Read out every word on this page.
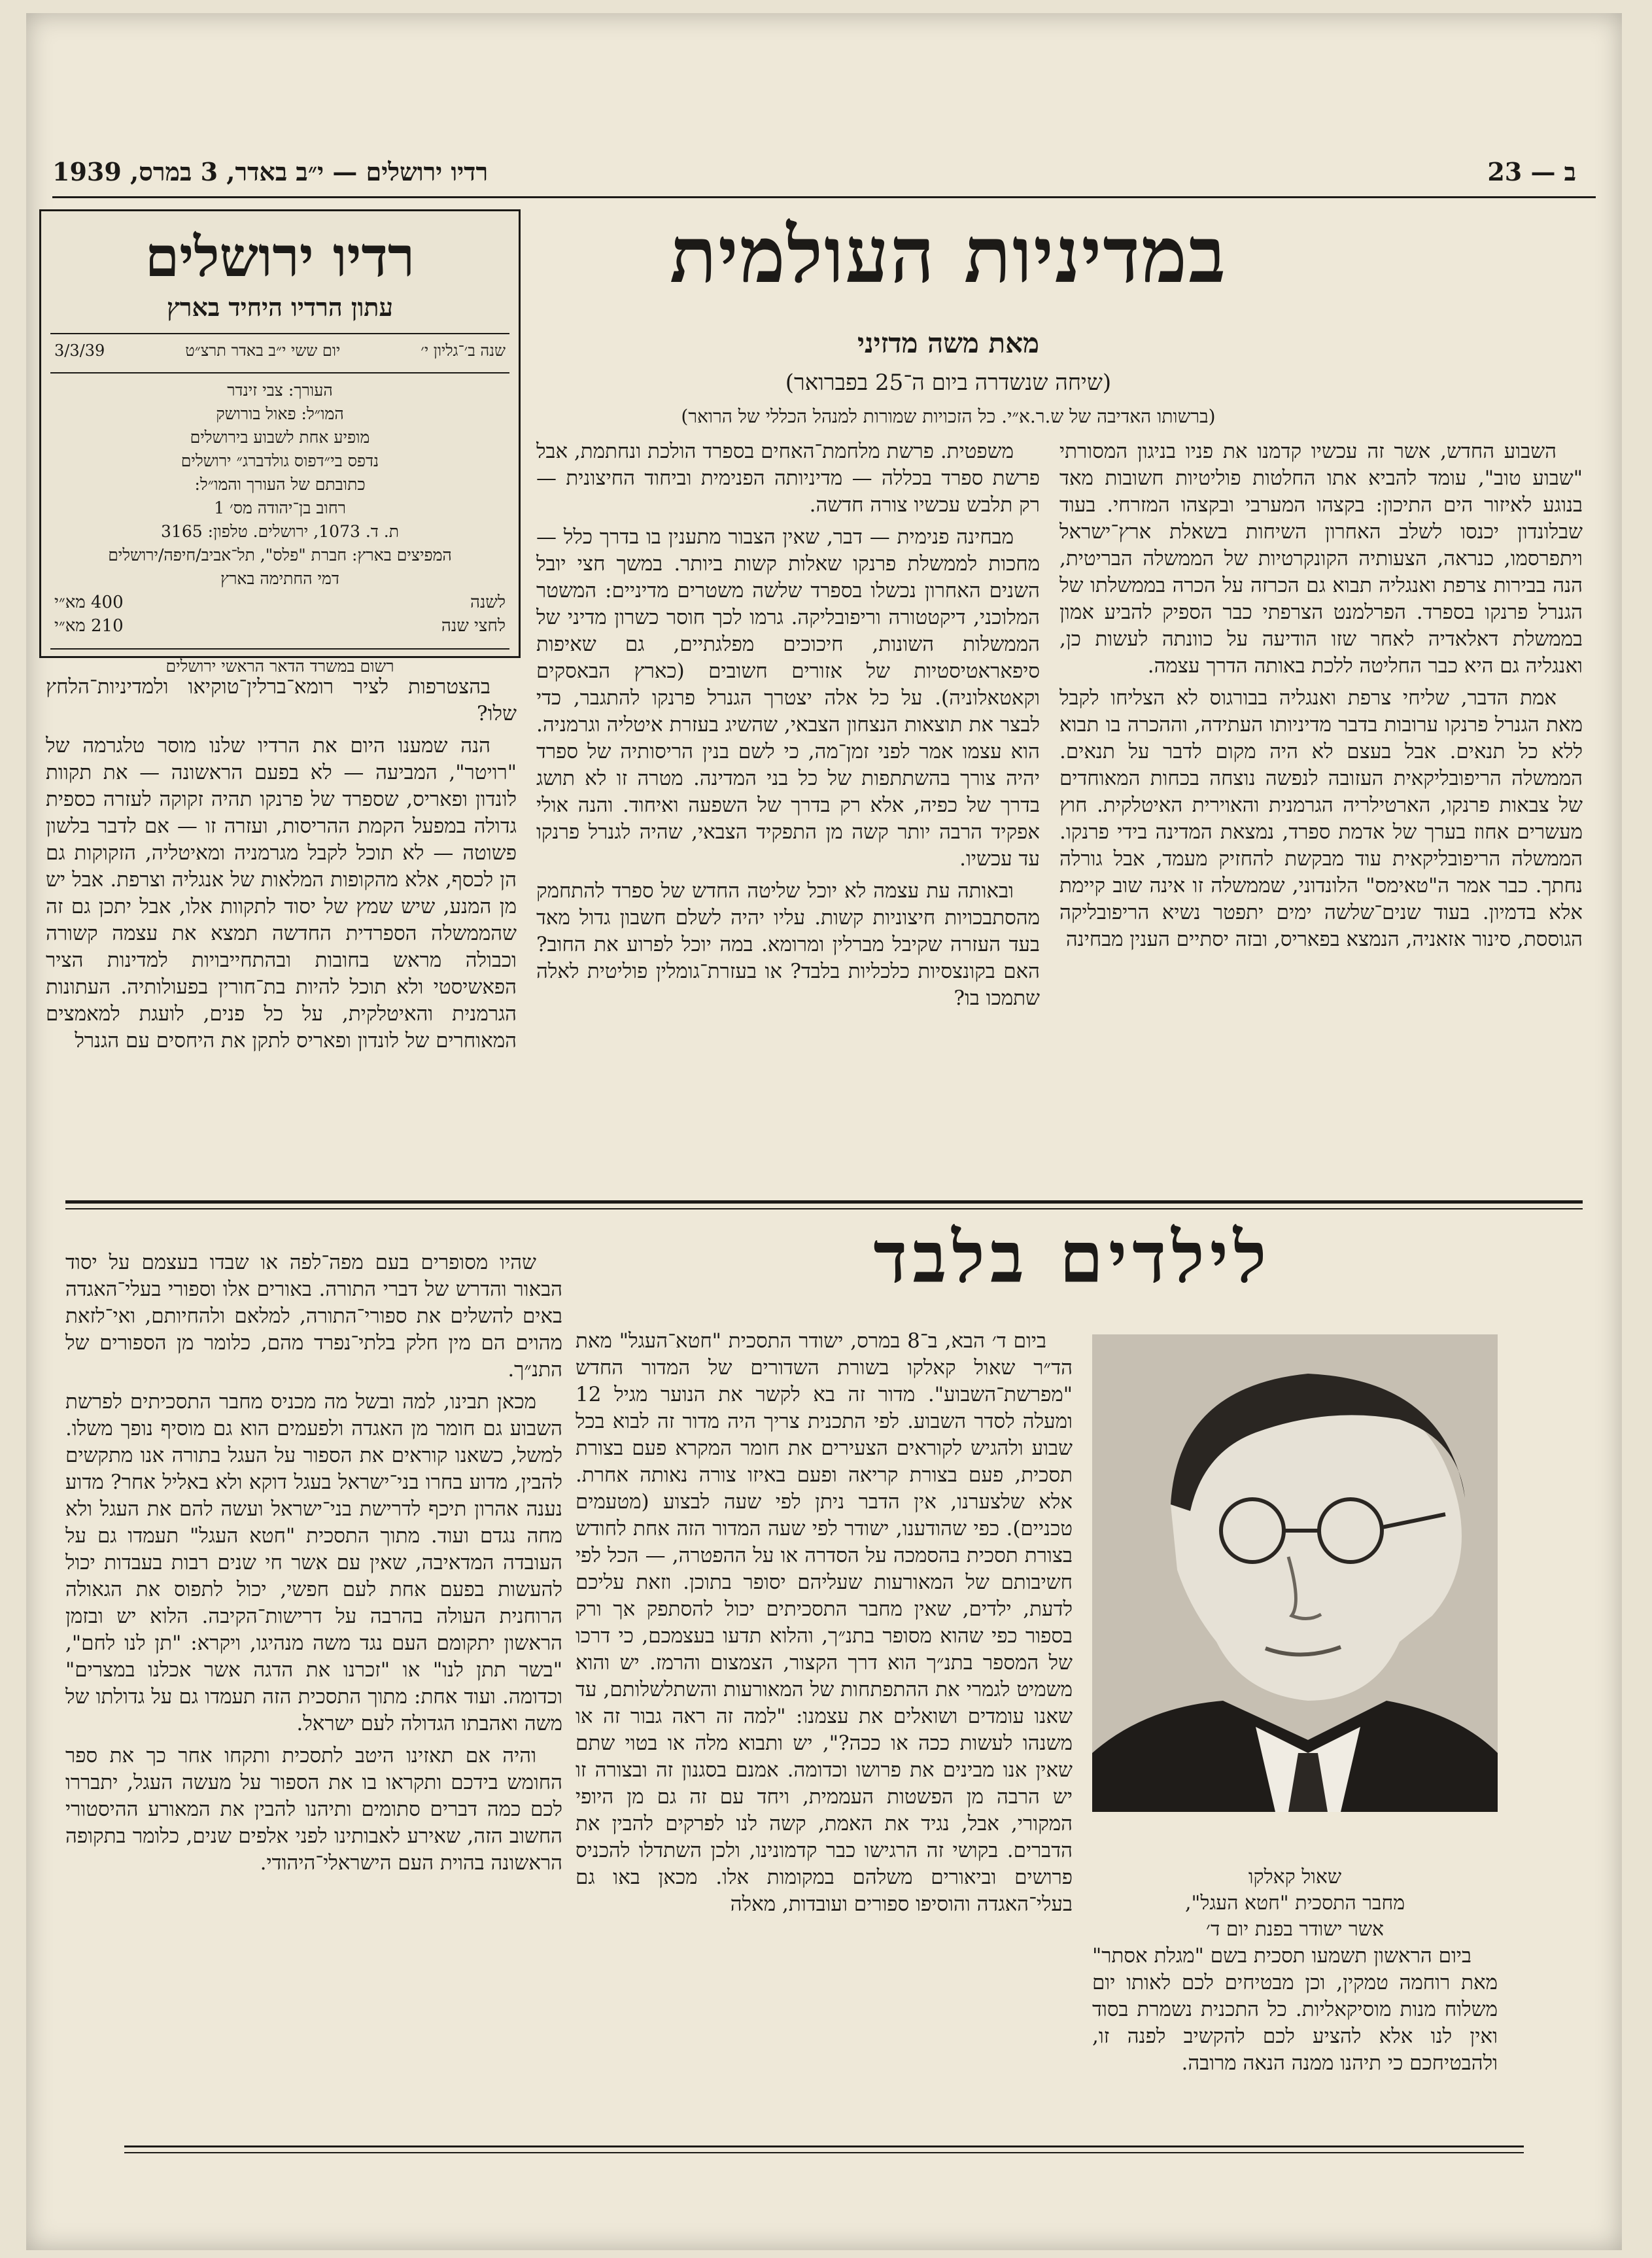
רדיו ירושלים — י״ב באדר, 3 במרס, 1939	ב — 23
רדיו ירושלים
עתון הרדיו היחיד בארץ
שנה ב׳־גליון י׳
יום ששי י״ב באדר תרצ״ט
3/3/39
העורך: צבי זינדר
המו״ל: פאול בורושק
מופיע אחת לשבוע בירושלים
נדפס בי״דפוס גולדברג״ ירושלים
כתובתם של העורך והמו״ל:
רחוב בן־יהודה מס׳ 1
ת. ד. 1073, ירושלים. טלפון: 3165
המפיצים בארץ: חברת "פלס", תל־אביב/חיפה/ירושלים
דמי החתימה בארץ
לשנה
400 מא״י
לחצי שנה
210 מא״י
רשום במשרד הדאר הראשי ירושלים
במדיניות העולמית
מאת משה מדזיני
(שיחה שנשדרה ביום ה־25 בפברואר)
(ברשותו האדיבה של ש.ר.א״י. כל הזכויות שמורות למנהל הכללי של הרואר)

השבוע החדש, אשר זה עכשיו קדמנו את פניו בניגון המסורתי "שבוע טוב", עומד להביא אתו החלטות פוליטיות חשובות מאד בנוגע לאיזור הים התיכון: בקצהו המערבי ובקצהו המזרחי. בעוד שבלונדון יכנסו לשלב האחרון השיחות בשאלת ארץ־ישראל ויתפרסמו, כנראה, הצעותיה הקונקרטיות של הממשלה הבריטית, הנה בבירות צרפת ואנגליה תבוא גם הכרזה על הכרה בממשלתו של הגנרל פרנקו בספרד. הפרלמנט הצרפתי כבר הספיק להביע אמון בממשלת דאלאדיה לאחר שזו הודיעה על כוונתה לעשות כן, ואנגליה גם היא כבר החליטה ללכת באותה הדרך עצמה.

אמת הדבר, שליחי צרפת ואנגליה בבורגוס לא הצליחו לקבל מאת הגנרל פרנקו ערובות בדבר מדיניותו העתידה, וההכרה בו תבוא ללא כל תנאים. אבל בעצם לא היה מקום לדבר על תנאים. הממשלה הריפובליקאית העזובה לנפשה נוצחה בכחות המאוחדים של צבאות פרנקו, הארטילריה הגרמנית והאוירית האיטלקית. חוץ מעשרים אחוז בערך של אדמת ספרד, נמצאת המדינה בידי פרנקו. הממשלה הריפובליקאית עוד מבקשת להחזיק מעמד, אבל גורלה נחתך. כבר אמר ה"טאימס" הלונדוני, שממשלה זו אינה שוב קיימת אלא בדמיון. בעוד שנים־שלשה ימים יתפטר נשיא הריפובליקה הגוססת, סינור אזאניה, הנמצא בפאריס, ובזה יסתיים הענין מבחינה

משפטית. פרשת מלחמת־האחים בספרד הולכת ונחתמת, אבל פרשת ספרד בכללה — מדיניותה הפנימית וביחוד החיצונית — רק תלבש עכשיו צורה חדשה.

מבחינה פנימית — דבר, שאין הצבור מתענין בו בדרך כלל — מחכות לממשלת פרנקו שאלות קשות ביותר. במשך חצי יובל השנים האחרון נכשלו בספרד שלשה משטרים מדיניים: המשטר המלוכני, דיקטטורה וריפובליקה. גרמו לכך חוסר כשרון מדיני של הממשלות השונות, חיכוכים מפלגתיים, גם שאיפות סיפאראטיסטיות של אזורים חשובים (כארץ הבאסקים וקאטאלוניה). על כל אלה יצטרך הגנרל פרנקו להתגבר, כדי לבצר את תוצאות הנצחון הצבאי, שהשיג בעזרת איטליה וגרמניה. הוא עצמו אמר לפני זמן־מה, כי לשם בנין הריסותיה של ספרד יהיה צורך בהשתתפות של כל בני המדינה. מטרה זו לא תושג בדרך של כפיה, אלא רק בדרך של השפעה ואיחוד. והנה אולי אפקיד הרבה יותר קשה מן התפקיד הצבאי, שהיה לגנרל פרנקו עד עכשיו.

ובאותה עת עצמה לא יוכל שליטה החדש של ספרד להתחמק מהסתבכויות חיצוניות קשות. עליו יהיה לשלם חשבון גדול מאד בעד העזרה שקיבל מברלין ומרומא. במה יוכל לפרוע את החוב? האם בקונצסיות כלכליות בלבד? או בעזרת־גומלין פוליטית לאלה שתמכו בו?

בהצטרפות לציר רומא־ברלין־טוקיאו ולמדיניות־הלחץ שלו?

הנה שמענו היום את הרדיו שלנו מוסר טלגרמה של "רויטר", המביעה — לא בפעם הראשונה — את תקוות לונדון ופאריס, שספרד של פרנקו תהיה זקוקה לעזרה כספית גדולה במפעל הקמת ההריסות, ועזרה זו — אם לדבר בלשון פשוטה — לא תוכל לקבל מגרמניה ומאיטליה, הזקוקות גם הן לכסף, אלא מהקופות המלאות של אנגליה וצרפת. אבל יש מן המנע, שיש שמץ של יסוד לתקוות אלו, אבל יתכן גם זה שהממשלה הספרדית החדשה תמצא את עצמה קשורה וכבולה מראש בחובות ובהתחייבויות למדינות הציר הפאשיסטי ולא תוכל להיות בת־חורין בפעולותיה. העתונות הגרמנית והאיטלקית, על כל פנים, לועגת למאמצים המאוחרים של לונדון ופאריס לתקן את היחסים עם הגנרל

לילדים בלבד
שאול קאלקו
מחבר התסכית "חטא העגל",
אשר ישודר בפנת יום ד׳

ביום הראשון תשמעו תסכית בשם "מגלת אסתר" מאת רוחמה טמקין, וכן מבטיחים לכם לאותו יום משלוח מנות מוסיקאליות. כל התכנית נשמרת בסוד ואין לנו אלא להציע לכם להקשיב לפנה זו, ולהבטיחכם כי תיהנו ממנה הנאה מרובה.

ביום ד׳ הבא, ב־8 במרס, ישודר התסכית "חטא־העגל" מאת הד״ר שאול קאלקו בשורת השדורים של המדור החדש "מפרשת־השבוע". מדור זה בא לקשר את הנוער מגיל 12 ומעלה לסדר השבוע. לפי התכנית צריך היה מדור זה לבוא בכל שבוע ולהגיש לקוראים הצעירים את חומר המקרא פעם בצורת תסכית, פעם בצורת קריאה ופעם באיזו צורה נאותה אחרת. אלא שלצערנו, אין הדבר ניתן לפי שעה לבצוע (מטעמים טכניים). כפי שהודענו, ישודר לפי שעה המדור הזה אחת לחודש בצורת תסכית בהסמכה על הסדרה או על ההפטרה, — הכל לפי חשיבותם של המאורעות שעליהם יסופר בתוכן. וזאת עליכם לדעת, ילדים, שאין מחבר התסכיתים יכול להסתפק אך ורק בספור כפי שהוא מסופר בתנ״ך, והלוא תדעו בעצמכם, כי דרכו של המספר בתנ״ך הוא דרך הקצור, הצמצום והרמז. יש והוא משמיט לגמרי את ההתפתחות של המאורעות והשתלשלותם, עד שאנו עומדים ושואלים את עצמנו: "למה זה ראה גבור זה או משנהו לעשות ככה או ככה?", יש ותבוא מלה או בטוי שתם שאין אנו מבינים את פרושו וכדומה. אמנם בסגנון זה ובצורה זו יש הרבה מן הפשטות העממית, ויחד עם זה גם מן היופי המקורי, אבל, נגיד את האמת, קשה לנו לפרקים להבין את הדברים. בקושי זה הרגישו כבר קדמונינו, ולכן השתדלו להכניס פרושים וביאורים משלהם במקומות אלו. מכאן באו גם בעלי־האגדה והוסיפו ספורים ועובדות, מאלה

שהיו מסופרים בעם מפה־לפה או שבדו בעצמם על יסוד הבאור והדרש של דברי התורה. באורים אלו וספורי בעלי־האגדה באים להשלים את ספורי־התורה, למלאם ולהחיותם, ואי־לזאת מהוים הם מין חלק בלתי־נפרד מהם, כלומר מן הספורים של התנ״ך.

מכאן תבינו, למה ובשל מה מכניס מחבר התסכיתים לפרשת השבוע גם חומר מן האגדה ולפעמים הוא גם מוסיף נופך משלו. למשל, כשאנו קוראים את הספור על העגל בתורה אנו מתקשים להבין, מדוע בחרו בני־ישראל בעגל דוקא ולא באליל אחר? מדוע נענה אהרון תיכף לדרישת בני־ישראל ועשה להם את העגל ולא מחה נגדם ועוד. מתוך התסכית "חטא העגל" תעמדו גם על העובדה המדאיבה, שאין עם אשר חי שנים רבות בעבדות יכול להעשות בפעם אחת לעם חפשי, יכול לתפוס את הגאולה הרוחנית העולה בהרבה על דרישות־הקיבה. הלוא יש ובזמן הראשון יתקומם העם נגד משה מנהיגו, ויקרא: "תן לנו לחם", "בשר תתן לנו" או "זכרנו את הדגה אשר אכלנו במצרים" וכדומה. ועוד אחת: מתוך התסכית הזה תעמדו גם על גדולתו של משה ואהבתו הגדולה לעם ישראל.

והיה אם תאזינו היטב לתסכית ותקחו אחר כך את ספר החומש בידכם ותקראו בו את הספור על מעשה העגל, יתבררו לכם כמה דברים סתומים ותיהנו להבין את המאורע ההיסטורי החשוב הזה, שאירע לאבותינו לפני אלפים שנים, כלומר בתקופה הראשונה בהוית העם הישראלי־היהודי.
